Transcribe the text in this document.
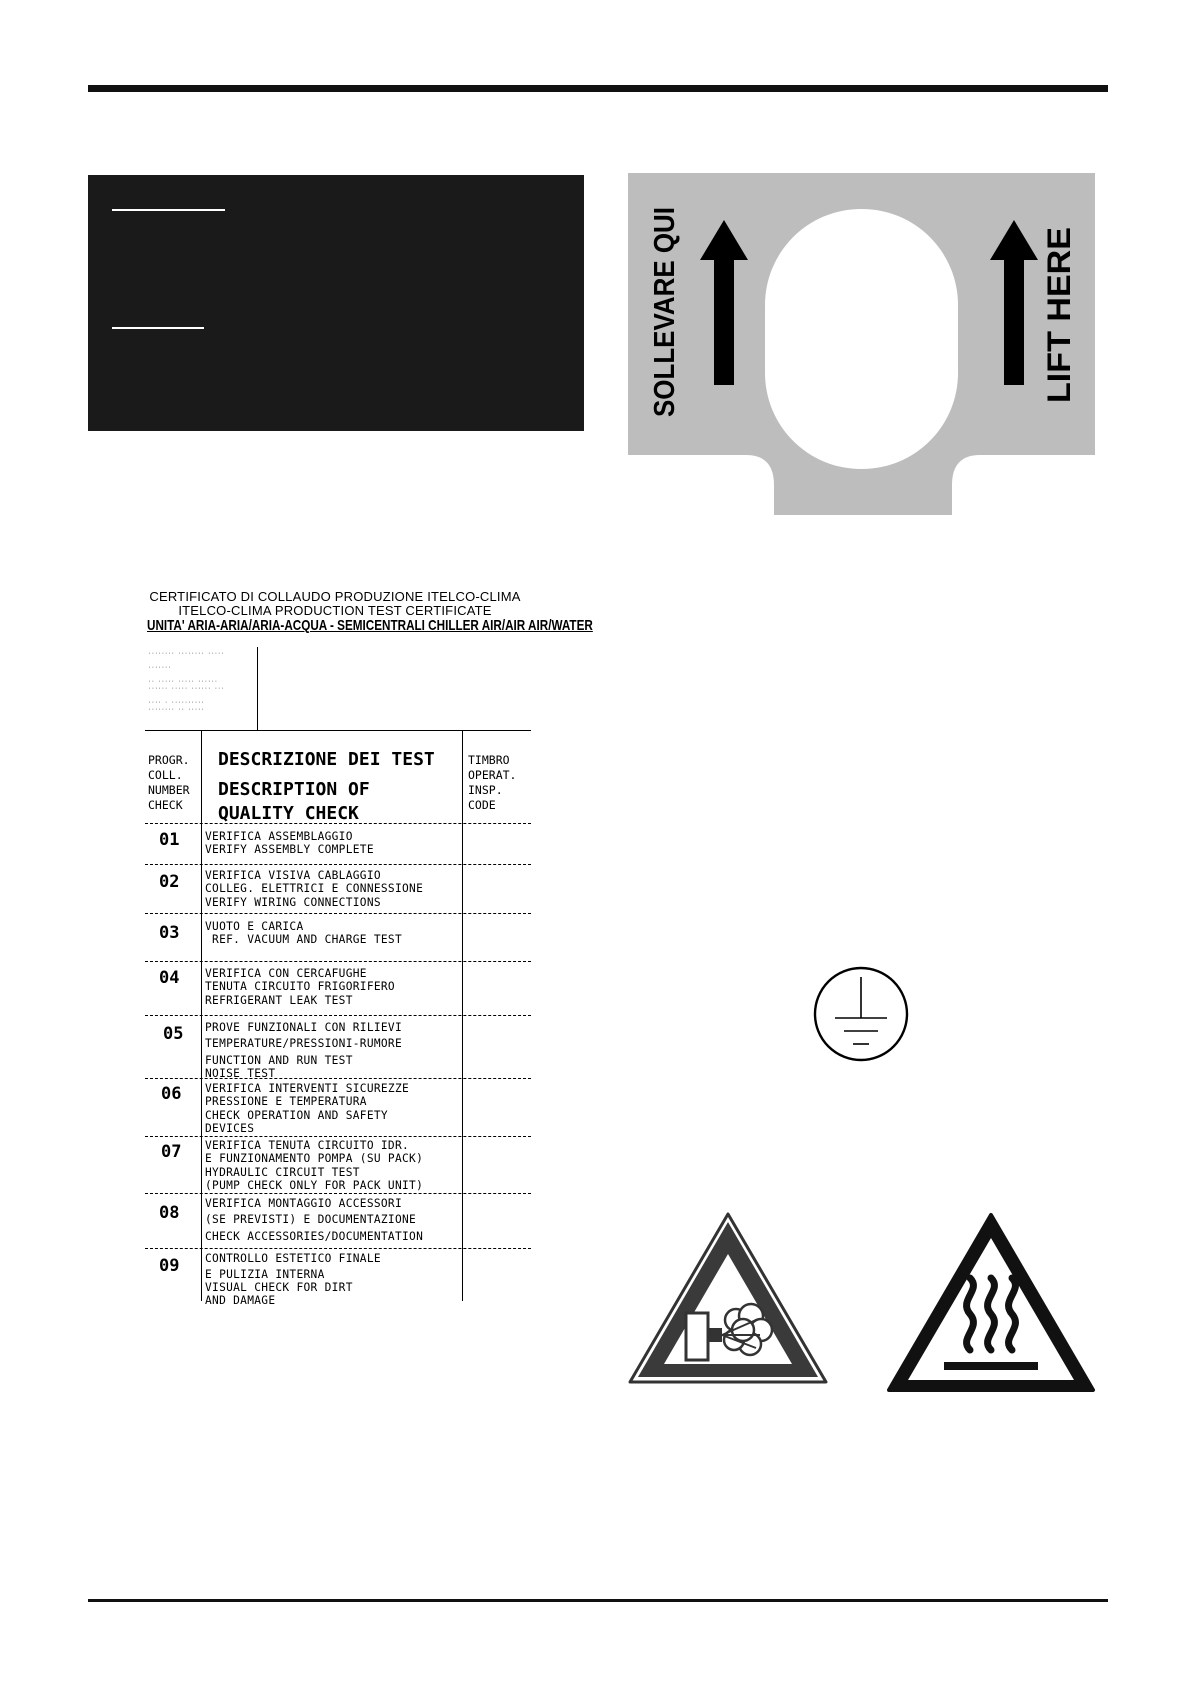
SOLLEVARE QUI	LIFT HERE
CERTIFICATO DI COLLAUDO PRODUZIONE ITELCO-CLIMA
ITELCO-CLIMA PRODUCTION TEST CERTIFICATE
UNITA' ARIA-ARIA/ARIA-ACQUA - SEMICENTRALI CHILLER AIR/AIR AIR/WATER
········ ········ ·····

·······

·· ····· ····· ······
······ ····· ······ ···

···· · ··········
········ ·· ·····
PROGR.
COLL.
NUMBER
CHECK
DESCRIZIONE DEI TEST
DESCRIPTION OF
QUALITY CHECK
TIMBRO
OPERAT.
INSP.
CODE
01 VERIFICA ASSEMBLAGGIO
VERIFY ASSEMBLY COMPLETE
02 VERIFICA VISIVA CABLAGGIO
COLLEG. ELETTRICI E CONNESSIONE
VERIFY WIRING CONNECTIONS
03 VUOTO E CARICA
REF. VACUUM AND CHARGE TEST
04 VERIFICA CON CERCAFUGHE
TENUTA CIRCUITO FRIGORIFERO
REFRIGERANT LEAK TEST
05 PROVE FUNZIONALI CON RILIEVI
TEMPERATURE/PRESSIONI-RUMORE
FUNCTION AND RUN TEST
NOISE TEST
06 VERIFICA INTERVENTI SICUREZZE
PRESSIONE E TEMPERATURA
CHECK OPERATION AND SAFETY
DEVICES
07 VERIFICA TENUTA CIRCUITO IDR.
E FUNZIONAMENTO POMPA (SU PACK)
HYDRAULIC CIRCUIT TEST
(PUMP CHECK ONLY FOR PACK UNIT)
08 VERIFICA MONTAGGIO ACCESSORI
(SE PREVISTI) E DOCUMENTAZIONE
CHECK ACCESSORIES/DOCUMENTATION
09 CONTROLLO ESTETICO FINALE
E PULIZIA INTERNA
VISUAL CHECK FOR DIRT
AND DAMAGE
